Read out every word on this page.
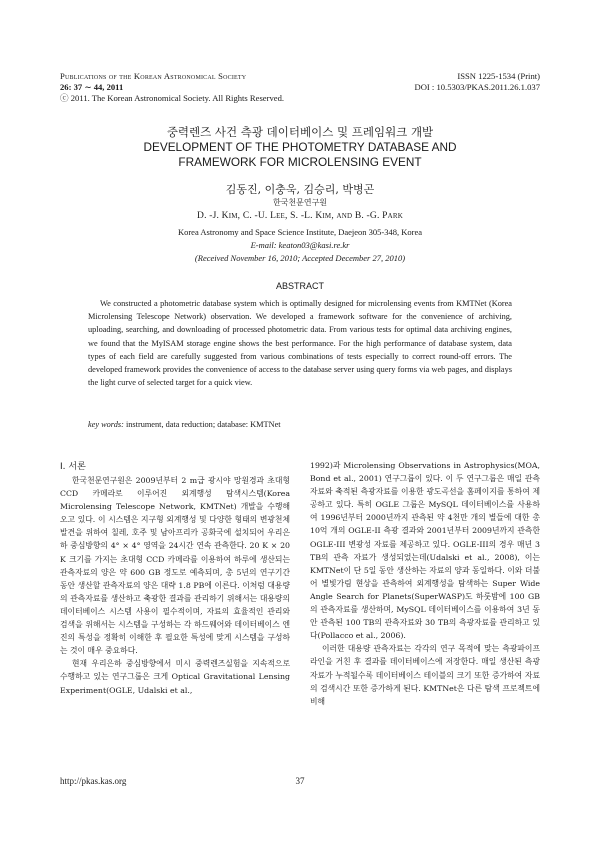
Publications of the Korean Astronomical Society
26: 37 ∼ 44, 2011
ⓒ 2011. The Korean Astronomical Society. All Rights Reserved.
ISSN 1225-1534 (Print)
DOI : 10.5303/PKAS.2011.26.1.037
중력렌즈 사건 측광 데이터베이스 및 프레임워크 개발
DEVELOPMENT OF THE PHOTOMETRY DATABASE AND
FRAMEWORK FOR MICROLENSING EVENT
김동진, 이충욱, 김승리, 박병곤
한국천문연구원
D. -J. Kim, C. -U. Lee, S. -L. Kim, and B. -G. Park
Korea Astronomy and Space Science Institute, Daejeon 305-348, Korea
E-mail: keaton03@kasi.re.kr
(Received November 16, 2010; Accepted December 27, 2010)
ABSTRACT
We constructed a photometric database system which is optimally designed for microlensing events from KMTNet (Korea Microlensing Telescope Network) observation. We developed a framework software for the convenience of archiving, uploading, searching, and downloading of processed photometric data. From various tests for optimal data archiving engines, we found that the MyISAM storage engine shows the best performance. For the high performance of database system, data types of each field are carefully suggested from various combinations of tests especially to correct round-off errors. The developed framework provides the convenience of access to the database server using query forms via web pages, and displays the light curve of selected target for a quick view.
key words: instrument, data reduction; database: KMTNet
I. 서론

한국천문연구원은 2009년부터 2 m급 광시야 망원경과 초대형 CCD 카메라로 이루어진 외계행성 탐색시스템(Korea Microlensing Telescope Network, KMTNet) 개발을 수행해 오고 있다. 이 시스템은 지구형 외계행성 및 다양한 형태의 변광천체 발견을 위하여 칠레, 호주 및 남아프리카 공화국에 설치되어 우리은하 중심방향의 4° × 4° 영역을 24시간 연속 관측한다. 20 K × 20 K 크기를 가지는 초대형 CCD 카메라를 이용하여 하루에 생산되는 관측자료의 양은 약 600 GB 정도로 예측되며, 총 5년의 연구기간 동안 생산할 관측자료의 양은 대략 1.8 PB에 이른다. 이처럼 대용량의 관측자료를 생산하고 축광한 결과를 관리하기 위해서는 대용량의 데이터베이스 시스템 사용이 필수적이며, 자료의 효율적인 관리와 검색을 위해서는 시스템을 구성하는 각 하드웨어와 데이터베이스 엔진의 특성을 정확히 이해한 후 필요한 특성에 맞게 시스템을 구성하는 것이 매우 중요하다.

현재 우리은하 중심방향에서 미시 중력렌즈실험을 지속적으로 수행하고 있는 연구그룹은 크게 Optical Gravitational Lensing Experiment(OGLE, Udalski et al.,

1992)과 Microlensing Observations in Astrophysics(MOA, Bond et al., 2001) 연구그룹이 있다. 이 두 연구그룹은 매일 관측 자료와 축적된 측광자료를 이용한 광도곡선을 홈페이지를 통하여 제공하고 있다. 특히 OGLE 그룹은 MySQL 데이터베이스를 사용하여 1996년부터 2000년까지 관측된 약 4천만 개의 별들에 대한 총 10억 개의 OGLE-II 측광 결과와 2001년부터 2009년까지 관측한 OGLE-III 변광성 자료를 제공하고 있다. OGLE-III의 경우 매년 3 TB의 관측 자료가 생성되었는데(Udalski et al., 2008), 이는 KMTNet이 단 5일 동안 생산하는 자료의 양과 동일하다. 이와 더불어 별빛가림 현상을 관측하여 외계행성을 탐색하는 Super Wide Angle Search for Planets(SuperWASP)도 하룻밤에 100 GB의 관측자료를 생산하며, MySQL 데이터베이스를 이용하여 3년 동안 관측된 100 TB의 관측자료와 30 TB의 측광자료를 관리하고 있다(Pollacco et al., 2006).

이러한 대용량 관측자료는 각각의 연구 목적에 맞는 측광파이프라인을 거친 후 결과를 데이터베이스에 저장한다. 매일 생산된 측광 자료가 누적될수록 데이터베이스 테이블의 크기 또한 증가하여 자료의 검색시간 또한 증가하게 된다. KMTNet은 다른 탐색 프로젝트에 비해

http://pkas.kas.org	37
